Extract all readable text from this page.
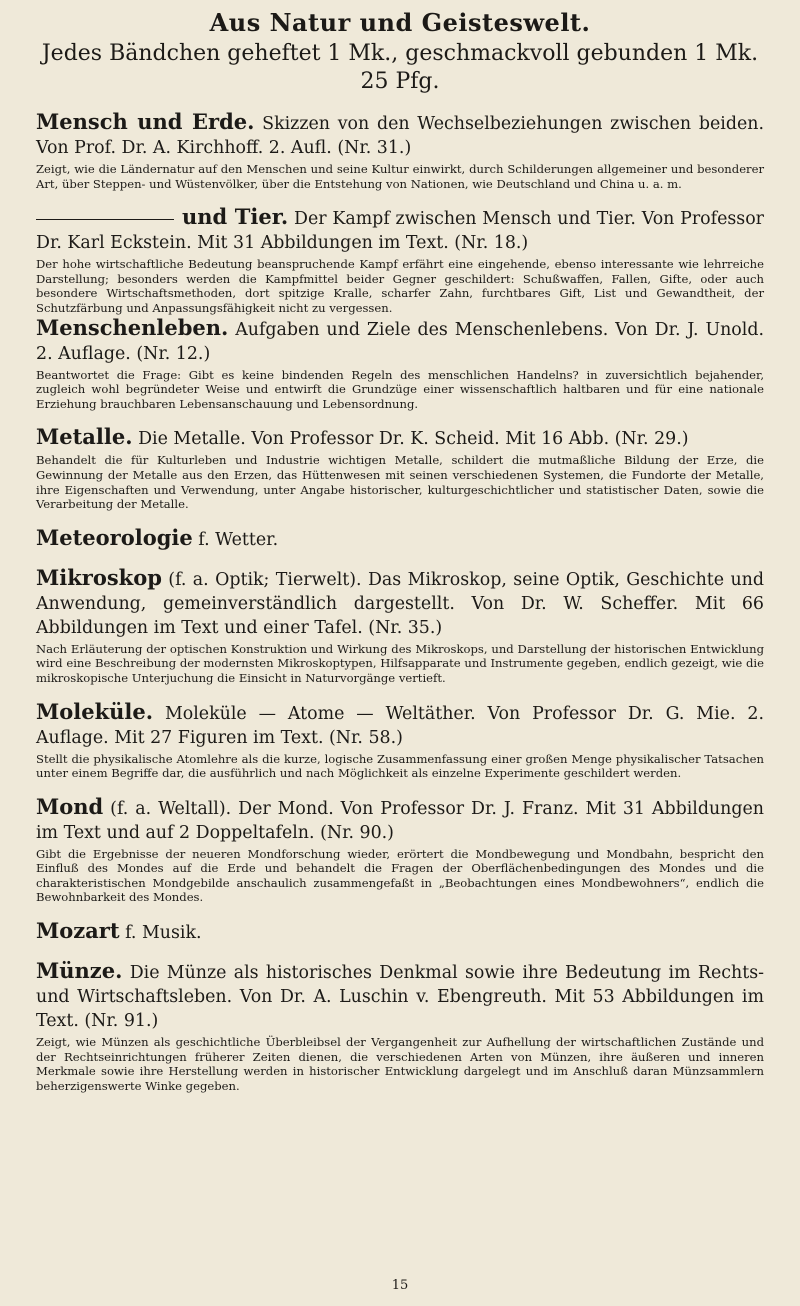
Aus Natur und Geisteswelt.

Jedes Bändchen geheftet 1 Mk., geschmackvoll gebunden 1 Mk. 25 Pfg.

Mensch und Erde. Skizzen von den Wechselbeziehungen zwischen beiden. Von Prof. Dr. A. Kirchhoff. 2. Aufl. (Nr. 31.)

Zeigt, wie die Ländernatur auf den Menschen und seine Kultur einwirkt, durch Schilderungen allgemeiner und besonderer Art, über Steppen- und Wüstenvölker, über die Entstehung von Nationen, wie Deutschland und China u. a. m.

und Tier. Der Kampf zwischen Mensch und Tier. Von Professor Dr. Karl Eckstein. Mit 31 Abbildungen im Text. (Nr. 18.)

Der hohe wirtschaftliche Bedeutung beanspruchende Kampf erfährt eine eingehende, ebenso interessante wie lehrreiche Darstellung; besonders werden die Kampfmittel beider Gegner geschildert: Schußwaffen, Fallen, Gifte, oder auch besondere Wirtschaftsmethoden, dort spitzige Kralle, scharfer Zahn, furchtbares Gift, List und Gewandtheit, der Schutzfärbung und Anpassungsfähigkeit nicht zu vergessen.

Menschenleben. Aufgaben und Ziele des Menschenlebens. Von Dr. J. Unold. 2. Auflage. (Nr. 12.)

Beantwortet die Frage: Gibt es keine bindenden Regeln des menschlichen Handelns? in zuversichtlich bejahender, zugleich wohl begründeter Weise und entwirft die Grundzüge einer wissenschaftlich haltbaren und für eine nationale Erziehung brauchbaren Lebensanschauung und Lebensordnung.

Metalle. Die Metalle. Von Professor Dr. K. Scheid. Mit 16 Abb. (Nr. 29.)

Behandelt die für Kulturleben und Industrie wichtigen Metalle, schildert die mutmaßliche Bildung der Erze, die Gewinnung der Metalle aus den Erzen, das Hüttenwesen mit seinen verschiedenen Systemen, die Fundorte der Metalle, ihre Eigenschaften und Verwendung, unter Angabe historischer, kulturgeschichtlicher und statistischer Daten, sowie die Verarbeitung der Metalle.

Meteorologie f. Wetter.

Mikroskop (f. a. Optik; Tierwelt). Das Mikroskop, seine Optik, Geschichte und Anwendung, gemeinverständlich dargestellt. Von Dr. W. Scheffer. Mit 66 Abbildungen im Text und einer Tafel. (Nr. 35.)

Nach Erläuterung der optischen Konstruktion und Wirkung des Mikroskops, und Darstellung der historischen Entwicklung wird eine Beschreibung der modernsten Mikroskoptypen, Hilfsapparate und Instrumente gegeben, endlich gezeigt, wie die mikroskopische Unterjuchung die Einsicht in Naturvorgänge vertieft.

Moleküle. Moleküle — Atome — Weltäther. Von Professor Dr. G. Mie. 2. Auflage. Mit 27 Figuren im Text. (Nr. 58.)

Stellt die physikalische Atomlehre als die kurze, logische Zusammenfassung einer großen Menge physikalischer Tatsachen unter einem Begriffe dar, die ausführlich und nach Möglichkeit als einzelne Experimente geschildert werden.

Mond (f. a. Weltall). Der Mond. Von Professor Dr. J. Franz. Mit 31 Abbildungen im Text und auf 2 Doppeltafeln. (Nr. 90.)

Gibt die Ergebnisse der neueren Mondforschung wieder, erörtert die Mondbewegung und Mondbahn, bespricht den Einfluß des Mondes auf die Erde und behandelt die Fragen der Oberflächenbedingungen des Mondes und die charakteristischen Mondgebilde anschaulich zusammengefaßt in „Beobachtungen eines Mondbewohners“, endlich die Bewohnbarkeit des Mondes.

Mozart f. Musik.

Münze. Die Münze als historisches Denkmal sowie ihre Bedeutung im Rechts- und Wirtschaftsleben. Von Dr. A. Luschin v. Ebengreuth. Mit 53 Abbildungen im Text. (Nr. 91.)

Zeigt, wie Münzen als geschichtliche Überbleibsel der Vergangenheit zur Aufhellung der wirtschaftlichen Zustände und der Rechtseinrichtungen früherer Zeiten dienen, die verschiedenen Arten von Münzen, ihre äußeren und inneren Merkmale sowie ihre Herstellung werden in historischer Entwicklung dargelegt und im Anschluß daran Münzsammlern beherzigenswerte Winke gegeben.

15
